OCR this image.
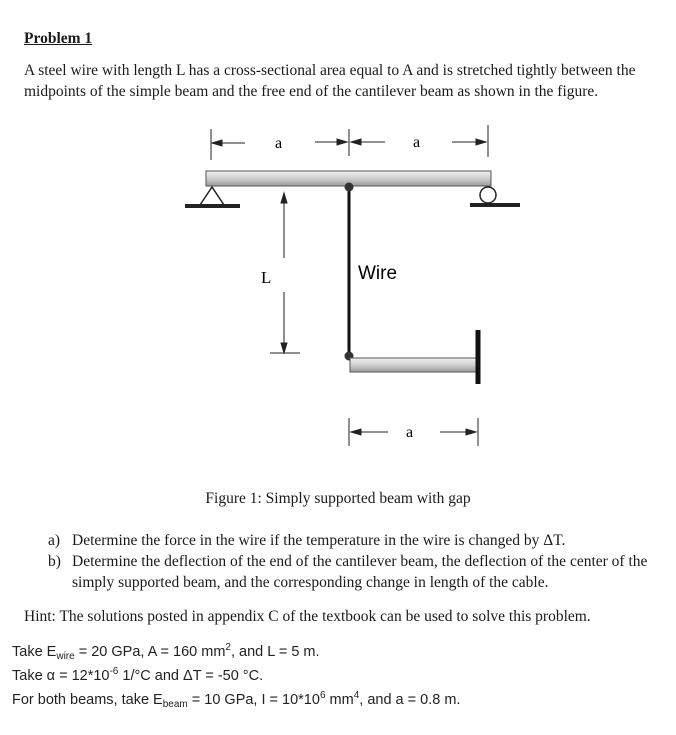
Problem 1
A steel wire with length L has a cross-sectional area equal to A and is stretched tightly between the midpoints of the simple beam and the free end of the cantilever beam as shown in the figure.
a	a
Wire
L
a
Figure 1: Simply supported beam with gap
a) Determine the force in the wire if the temperature in the wire is changed by ΔT.
b) Determine the deflection of the end of the cantilever beam, the deflection of the center of the simply supported beam, and the corresponding change in length of the cable.
Hint: The solutions posted in appendix C of the textbook can be used to solve this problem.
Take $E_{wire} = 20$ GPa, A = 160 $mm^2$, and L = 5 m.
Take $\alpha = 12*10^{-6}$ 1/°C and ΔT = -50 °C.
For both beams, take $E_{beam} = 10$ GPa, $I = 10*10^6$ $mm^4$, and a = 0.8 m.
